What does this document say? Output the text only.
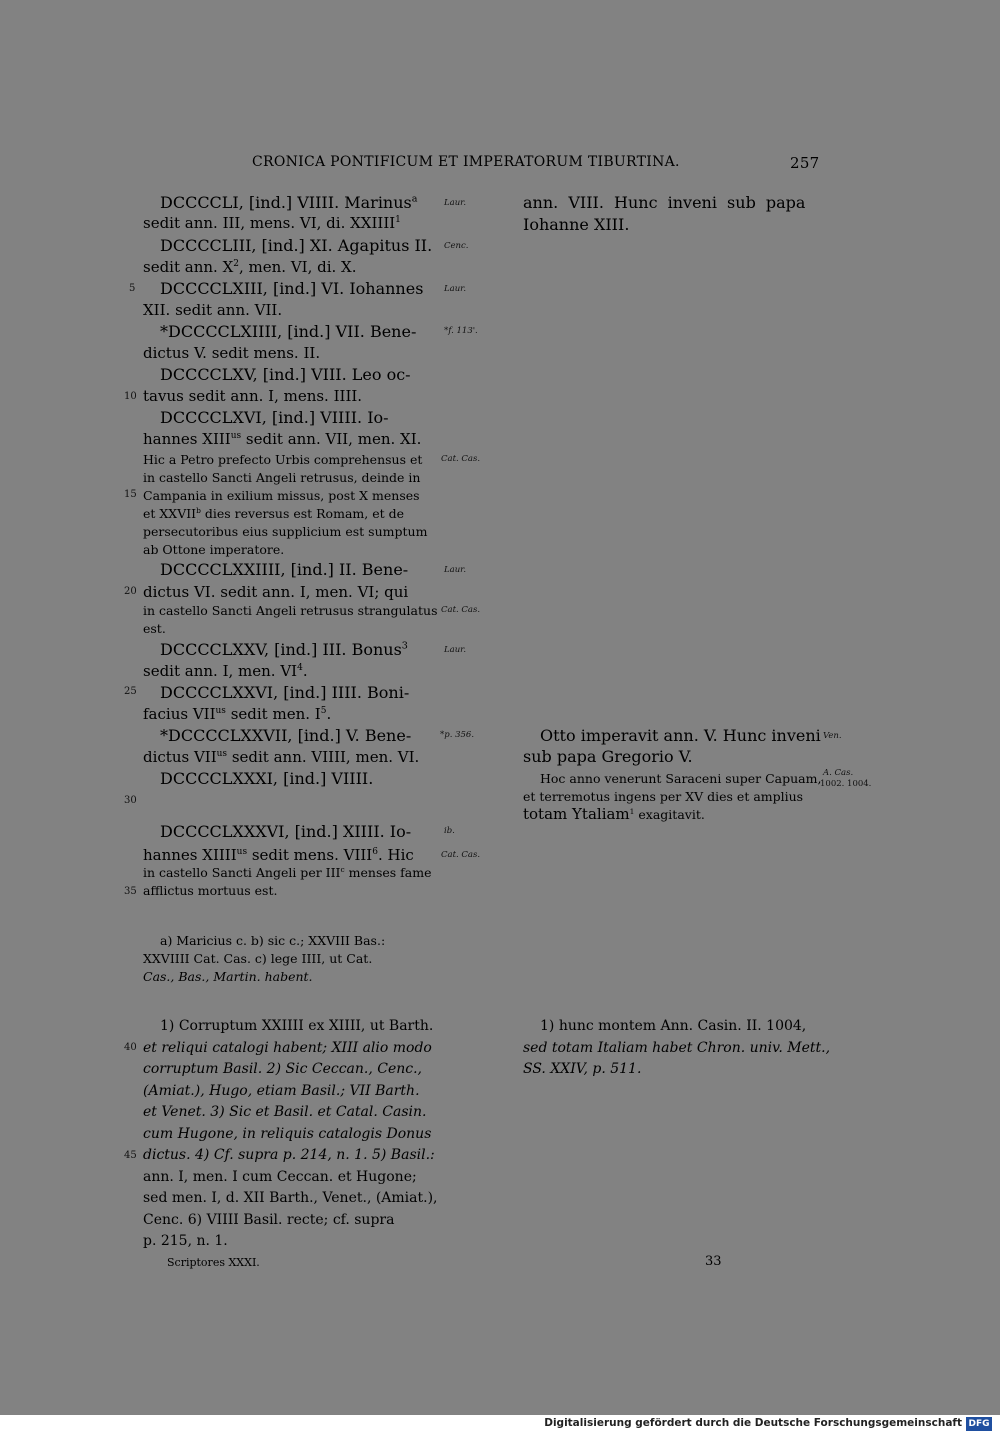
CRONICA PONTIFICUM ET IMPERATORUM TIBURTINA.	257
DCCCCLI, [ind.] VIIII. Marinus$^a$
sedit ann. III, mens. VI, di. XXIIII$^1$
DCCCCLIII, [ind.] XI. Agapitus II.
sedit ann. $X^2$, men. VI, di. X.
DCCCCLXIII, [ind.] VI. Iohannes
XII. sedit ann. VII.
*DCCCCLXIIII, [ind.] VII. Bene-
dictus V. sedit mens. II.
DCCCCLXV, [ind.] VIII. Leo oc-
tavus sedit ann. I, mens. IIII.
DCCCCLXVI, [ind.] VIIII. Io-
hannes $XIII^{us}$ sedit ann. VII, men. XI.
Hic a Petro prefecto Urbis comprehensus et
in castello Sancti Angeli retrusus, deinde in
Campania in exilium missus, post X menses
et XXVII$^b$ dies reversus est Romam, et de
persecutoribus eius supplicium est sumptum
ab Ottone imperatore.
DCCCCLXXIIII, [ind.] II. Bene-
dictus VI. sedit ann. I, men. VI; qui
in castello Sancti Angeli retrusus strangulatus
est.
DCCCCLXXV, [ind.] III. Bonus$^3$
sedit ann. I, men. $VI^4$.
DCCCCLXXVI, [ind.] IIII. Boni-
facius $VII^{us}$ sedit men. $I^5$.
*DCCCCLXXVII, [ind.] V. Bene-
dictus $VII^{us}$ sedit ann. VIIII, men. VI.
DCCCCLXXXI, [ind.] VIIII.
DCCCCLXXXVI, [ind.] XIIII. Io-
hannes $XIIII^{us}$ sedit mens. VIII$^6$. Hic
in castello Sancti Angeli per III$^c$ menses fame
afflictus mortuus est.
5
10
15
20
25
30
35
40
45
Laur.
Cenc.
Laur.
*f. 113'.
Cat. Cas.
Laur.
Cat. Cas.
Laur.
*p. 356.
ib.
Cat. Cas.
Ven.
A. Cas.
1002. 1004.
ann. VIII. Hunc inveni sub papa
Iohanne XIII.
Otto imperavit ann. V. Hunc inveni
sub papa Gregorio V.
Hoc anno venerunt Saraceni super Capuam,
et terremotus ingens per XV dies et amplius
totam Ytaliam$^1$ exagitavit.
a) Maricius c. b) sic c.; XXVIII Bas.:
XXVIIII Cat. Cas. c) lege IIII, ut Cat.
Cas., Bas., Martin. habent.
1) Corruptum XXIIII ex XIIII, ut Barth.
et reliqui catalogi habent; XIII alio modo
corruptum Basil. 2) Sic Ceccan., Cenc.,
(Amiat.), Hugo, etiam Basil.; VII Barth.
et Venet. 3) Sic et Basil. et Catal. Casin.
cum Hugone, in reliquis catalogis Donus
dictus. 4) Cf. supra p. 214, n. 1. 5) Basil.:
ann. I, men. I cum Ceccan. et Hugone;
sed men. I, d. XII Barth., Venet., (Amiat.),
Cenc. 6) VIIII Basil. recte; cf. supra
p. 215, n. 1.
1) hunc montem Ann. Casin. II. 1004,
sed totam Italiam habet Chron. univ. Mett.,
SS. XXIV, p. 511.
Scriptores XXXI.	33
Digitalisierung gefördert durch die Deutsche Forschungsgemeinschaft DFG
